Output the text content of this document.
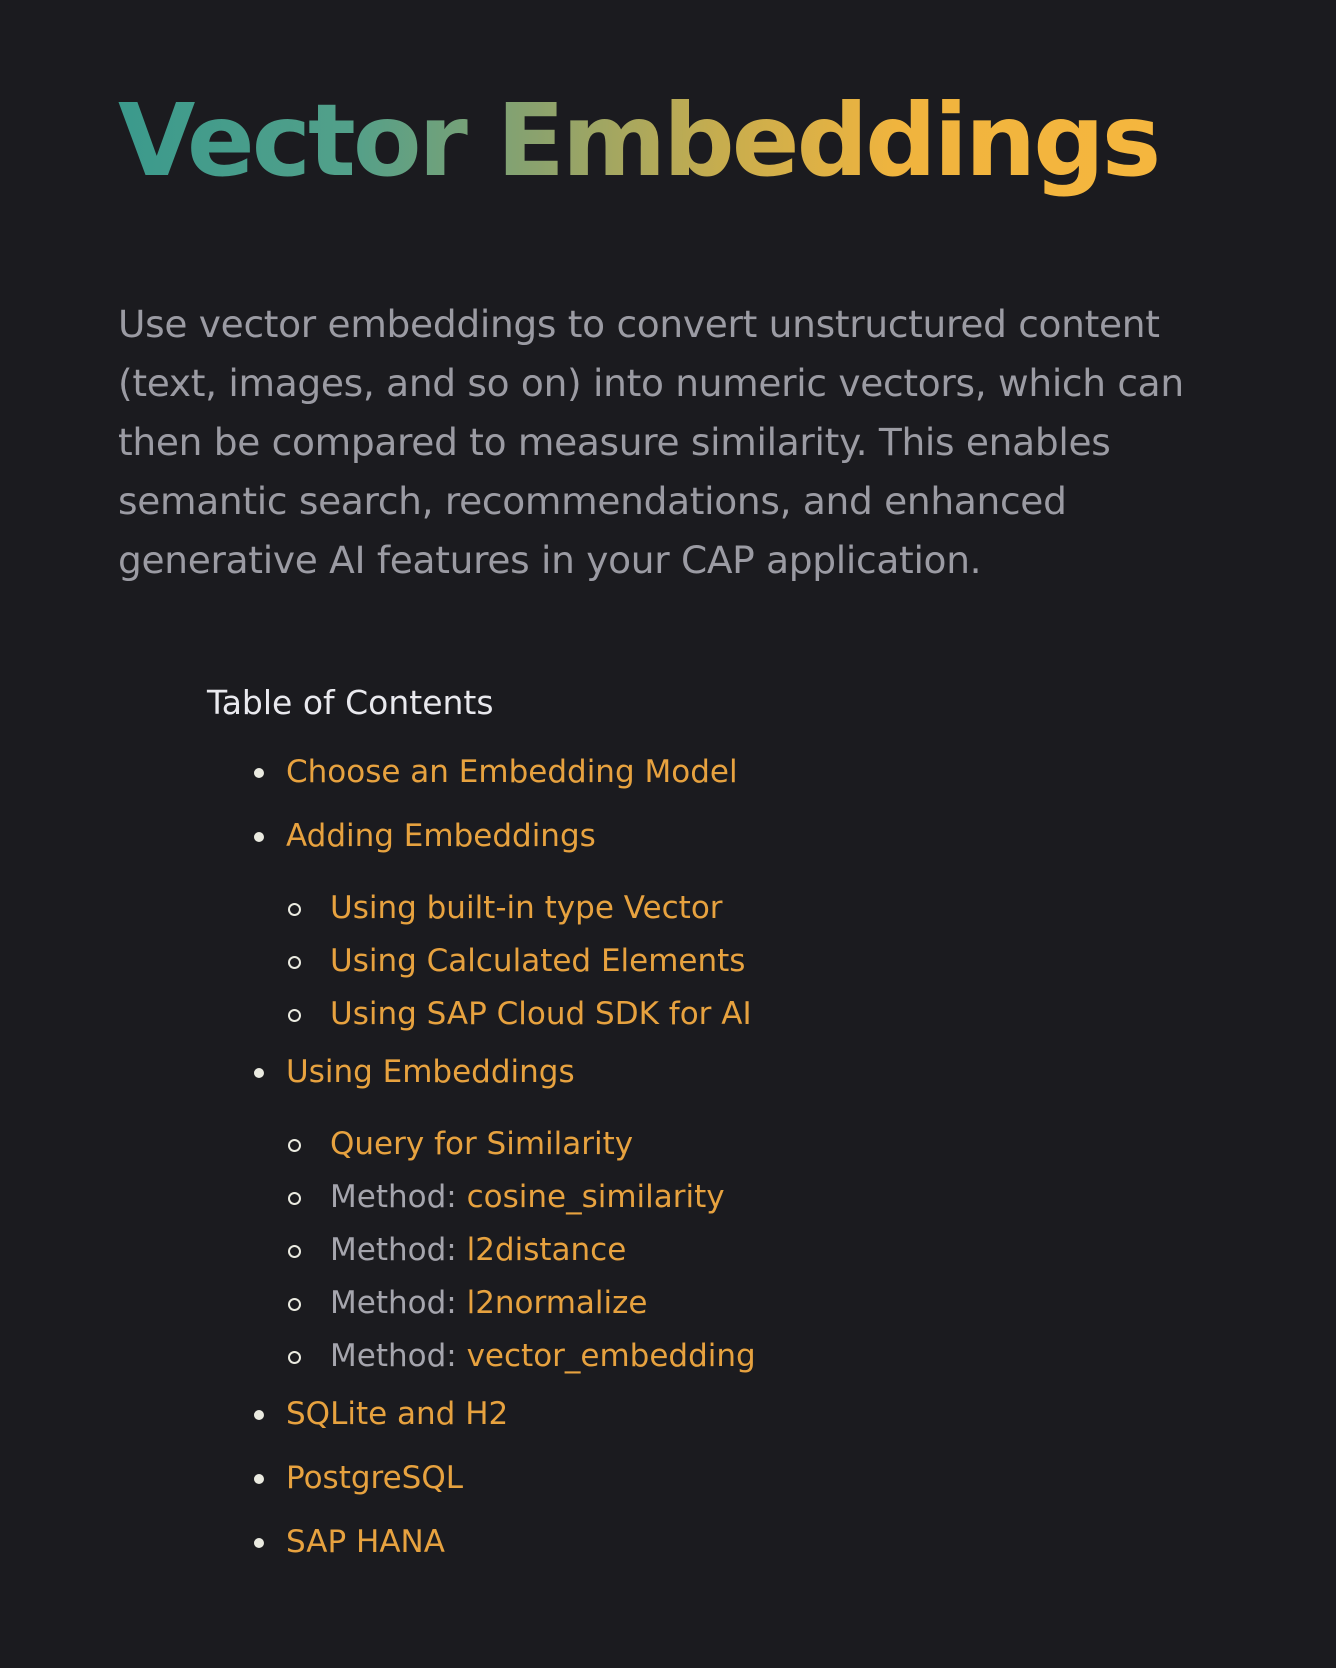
Vector Embeddings

Use vector embeddings to convert unstructured content (text, images, and so on) into numeric vectors, which can then be compared to measure similarity. This enables semantic search, recommendations, and enhanced generative AI features in your CAP application.

Table of Contents
Choose an Embedding Model
Adding Embeddings
Using built-in type Vector
Using Calculated Elements
Using SAP Cloud SDK for AI
Using Embeddings
Query for Similarity
Method: cosine_similarity
Method: l2distance
Method: l2normalize
Method: vector_embedding
SQLite and H2
PostgreSQL
SAP HANA
